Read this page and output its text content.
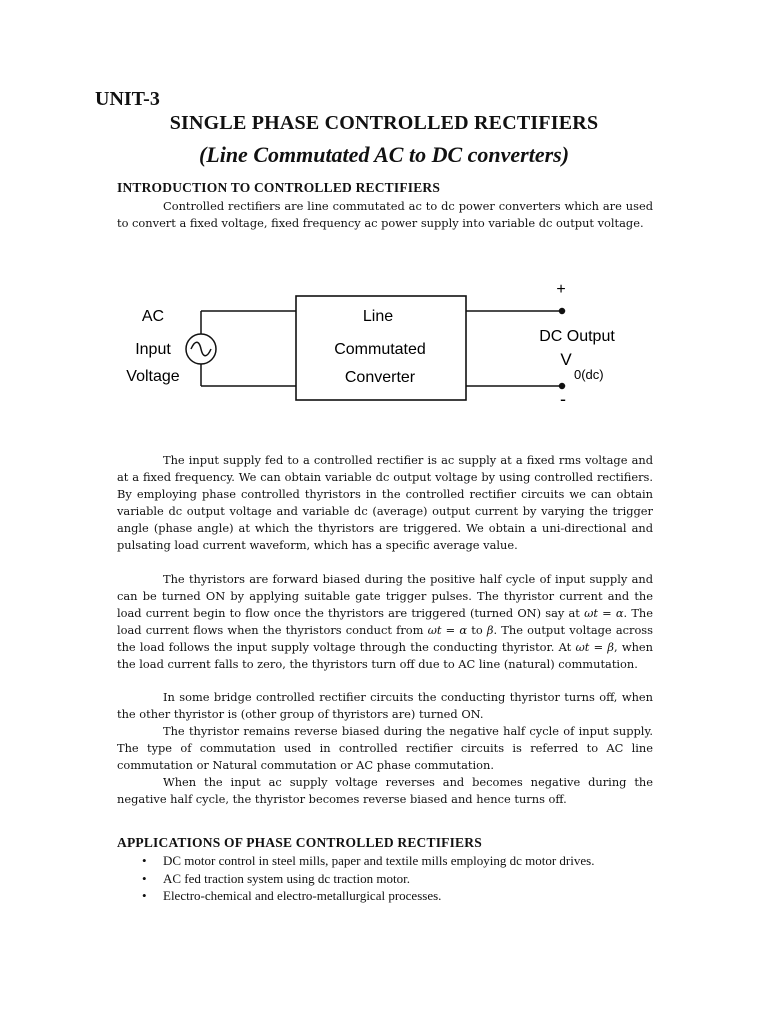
UNIT-3
SINGLE PHASE CONTROLLED RECTIFIERS
(Line Commutated AC to DC converters)
INTRODUCTION TO CONTROLLED RECTIFIERS

Controlled rectifiers are line commutated ac to dc power converters which are used to convert a fixed voltage, fixed frequency ac power supply into variable dc output voltage.

AC
Input
Voltage
Line
Commutated
Converter
+
-
DC Output
V
0(dc)

The input supply fed to a controlled rectifier is ac supply at a fixed rms voltage and at a fixed frequency. We can obtain variable dc output voltage by using controlled rectifiers. By employing phase controlled thyristors in the controlled rectifier circuits we can obtain variable dc output voltage and variable dc (average) output current by varying the trigger angle (phase angle) at which the thyristors are triggered. We obtain a uni-directional and pulsating load current waveform, which has a specific average value.

The thyristors are forward biased during the positive half cycle of input supply and can be turned ON by applying suitable gate trigger pulses. The thyristor current and the load current begin to flow once the thyristors are triggered (turned ON) say at ωt = α. The load current flows when the thyristors conduct from ωt = α to β. The output voltage across the load follows the input supply voltage through the conducting thyristor. At ωt = β, when the load current falls to zero, the thyristors turn off due to AC line (natural) commutation.

In some bridge controlled rectifier circuits the conducting thyristor turns off, when the other thyristor is (other group of thyristors are) turned ON.

The thyristor remains reverse biased during the negative half cycle of input supply. The type of commutation used in controlled rectifier circuits is referred to AC line commutation or Natural commutation or AC phase commutation.

When the input ac supply voltage reverses and becomes negative during the negative half cycle, the thyristor becomes reverse biased and hence turns off.

APPLICATIONS OF PHASE CONTROLLED RECTIFIERS
• DC motor control in steel mills, paper and textile mills employing dc motor drives.
• AC fed traction system using dc traction motor.
• Electro-chemical and electro-metallurgical processes.
